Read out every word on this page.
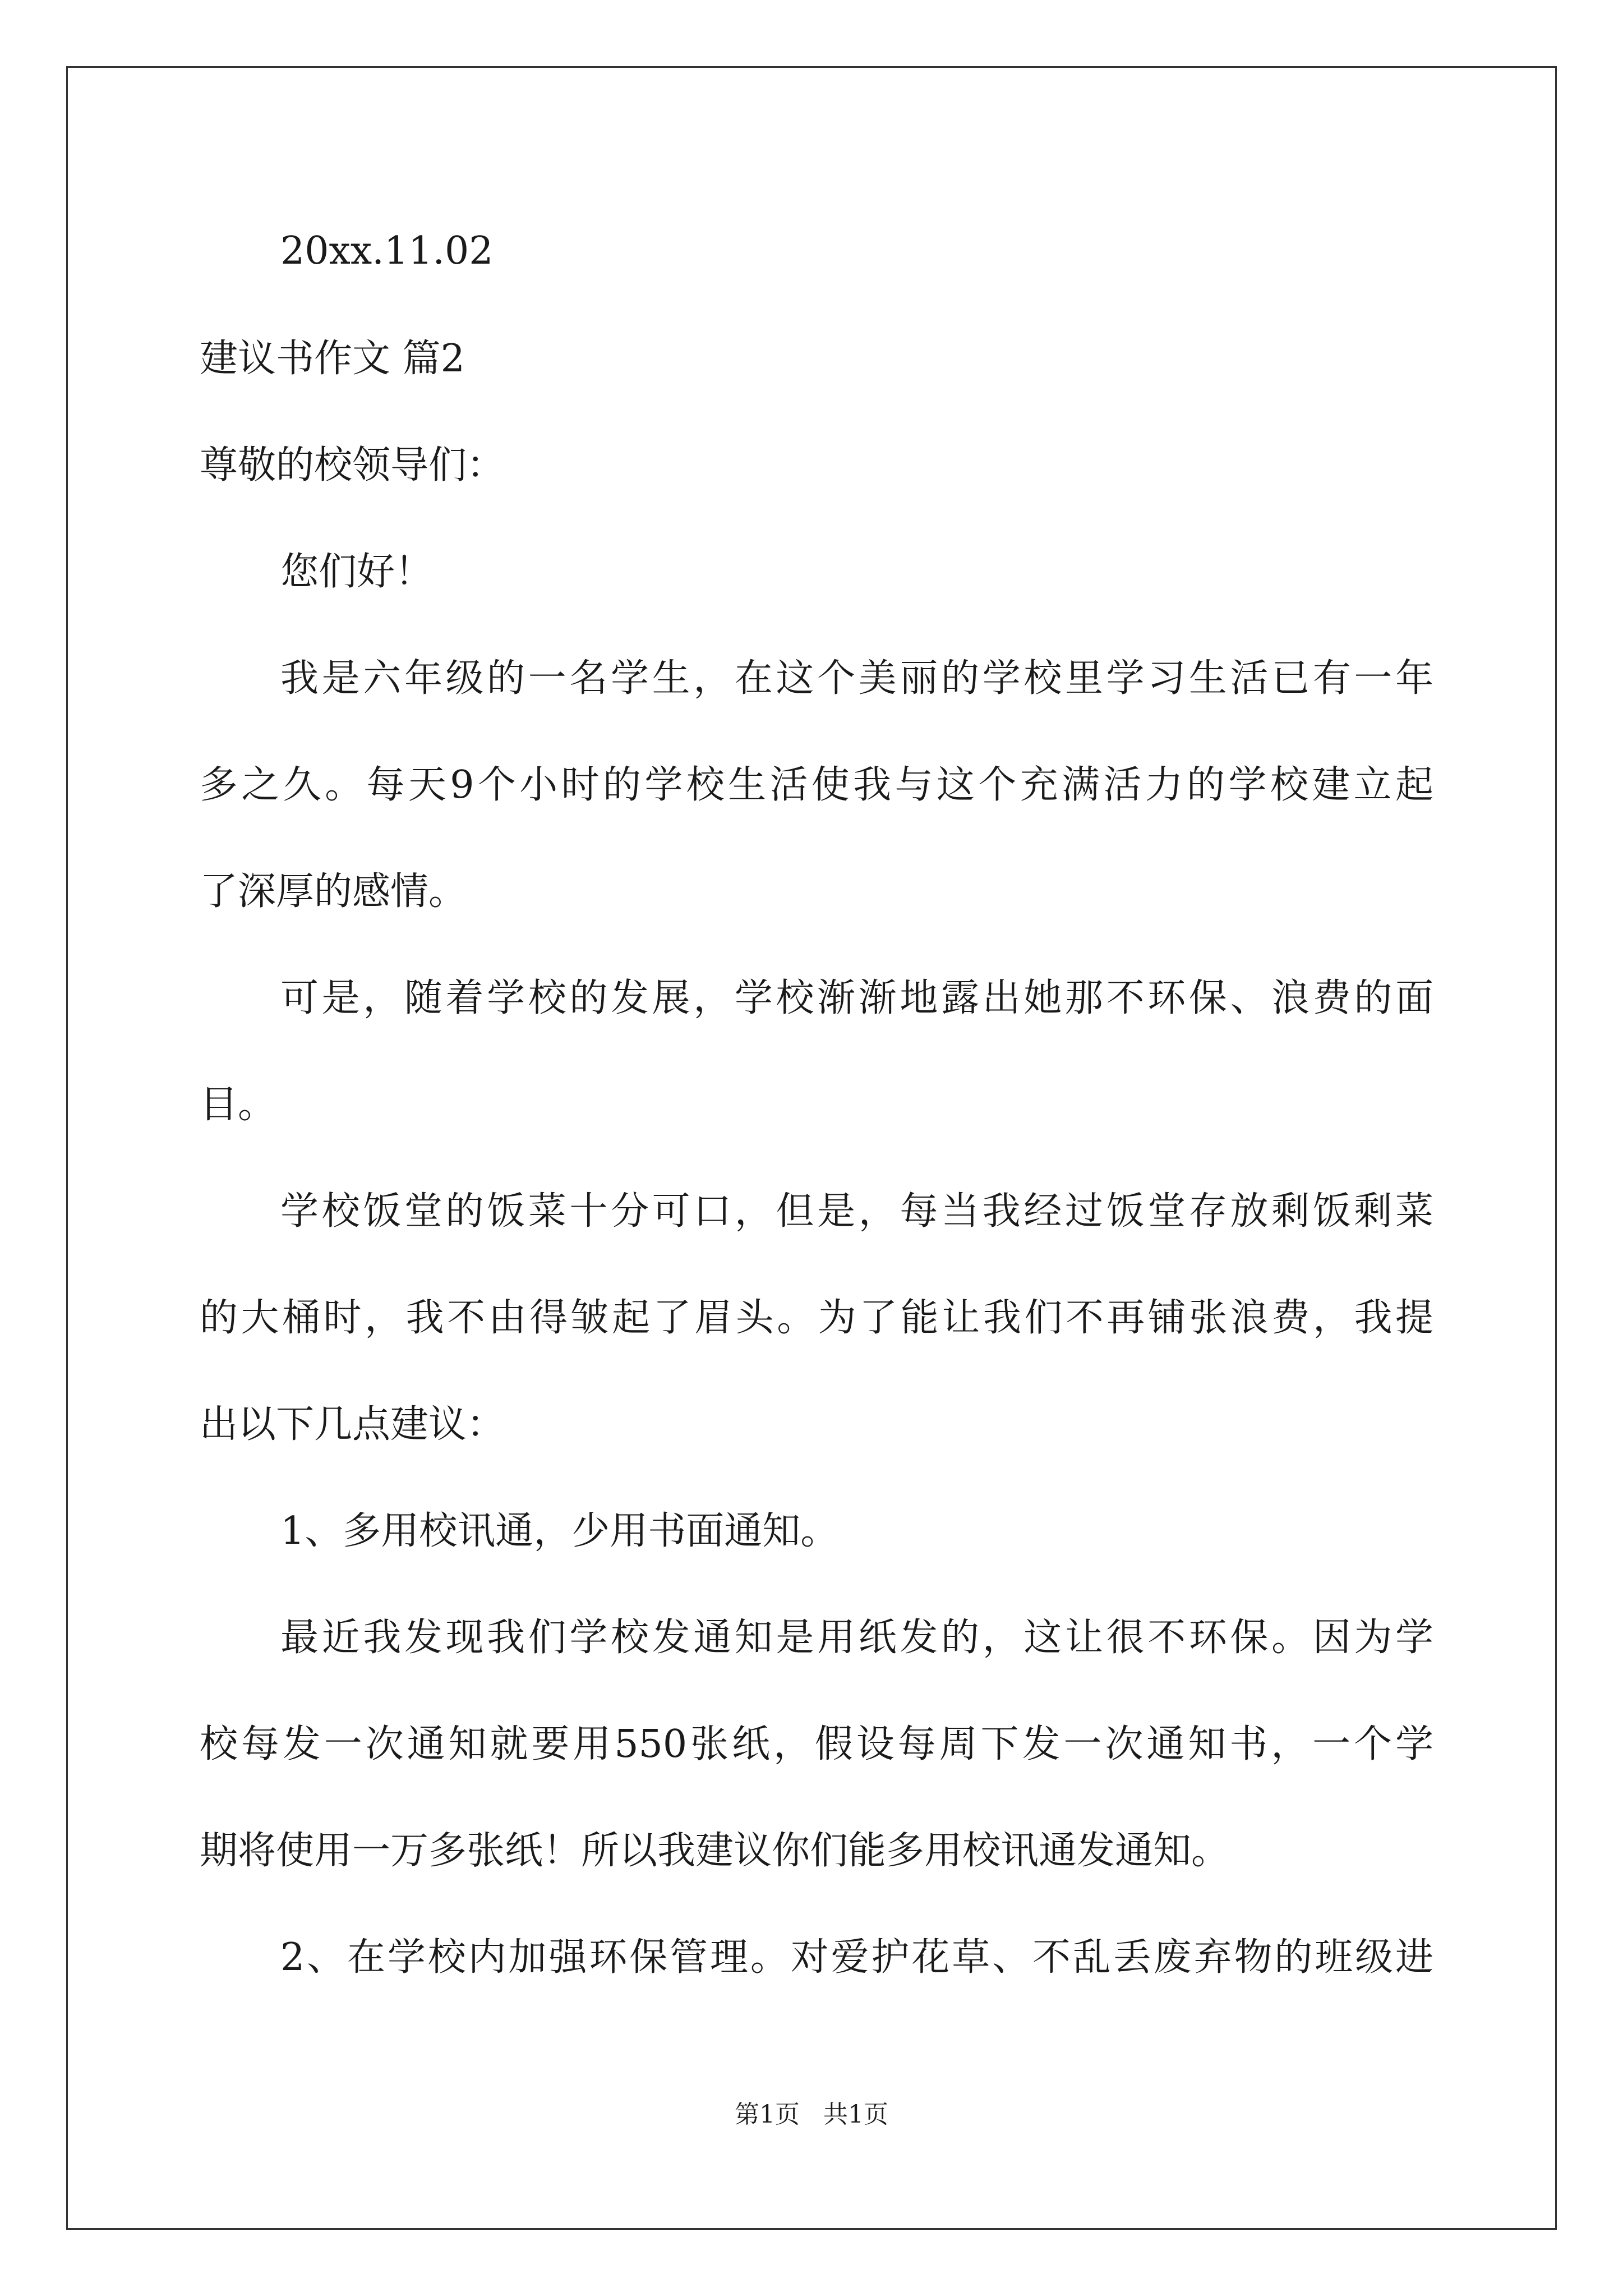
20xx.11.02

建议书作文 篇2

尊敬的校领导们：

您们好！

我是六年级的一名学生，在这个美丽的学校里学习生活已有一年

多之久。每天9个小时的学校生活使我与这个充满活力的学校建立起

了深厚的感情。

可是，随着学校的发展，学校渐渐地露出她那不环保、浪费的面

目。

学校饭堂的饭菜十分可口，但是，每当我经过饭堂存放剩饭剩菜

的大桶时，我不由得皱起了眉头。为了能让我们不再铺张浪费，我提

出以下几点建议：

1、多用校讯通，少用书面通知。

最近我发现我们学校发通知是用纸发的，这让很不环保。因为学

校每发一次通知就要用550张纸，假设每周下发一次通知书，一个学

期将使用一万多张纸！所以我建议你们能多用校讯通发通知。

2、在学校内加强环保管理。对爱护花草、不乱丢废弃物的班级进

第1页   共1页
